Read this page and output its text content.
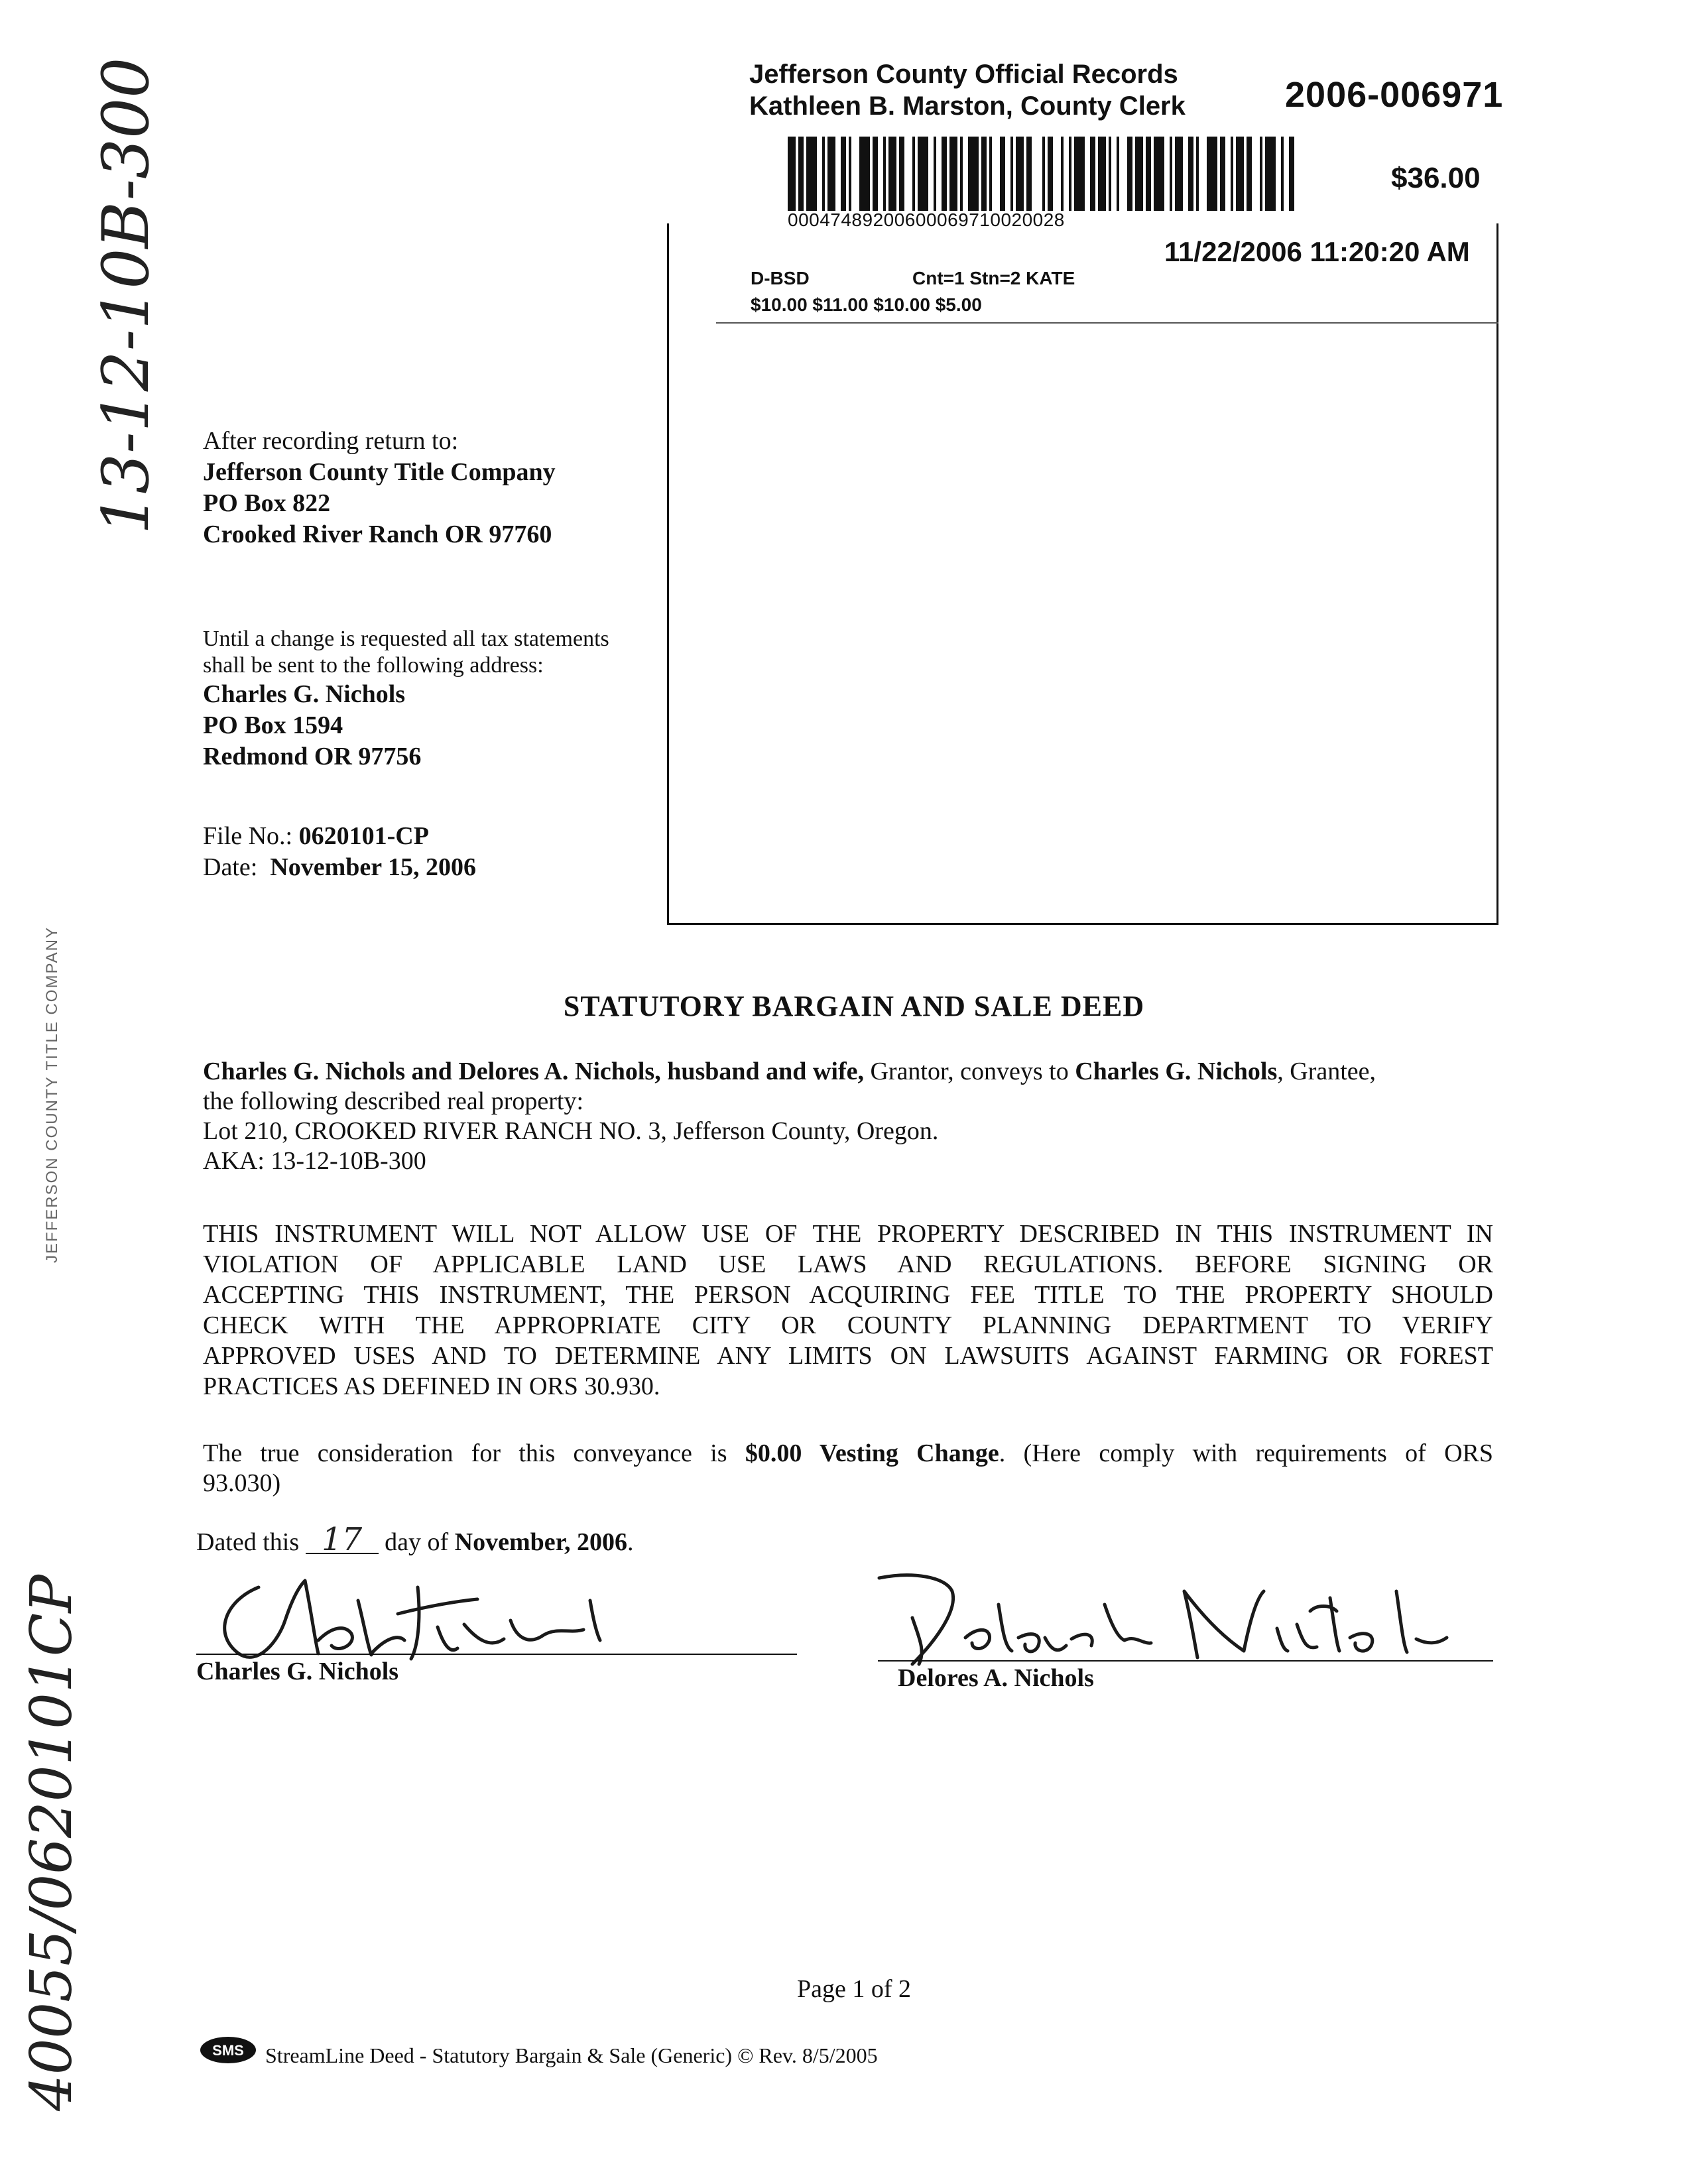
Jefferson County Official Records
Kathleen B. Marston, County Clerk	2006-006971
$36.00
00047489200600069710020028
11/22/2006 11:20:20 AM
D-BSD	Cnt=1 Stn=2 KATE
$10.00 $11.00 $10.00 $5.00
After recording return to:
Jefferson County Title Company
PO Box 822
Crooked River Ranch OR 97760
Until a change is requested all tax statements
shall be sent to the following address:
Charles G. Nichols
PO Box 1594
Redmond OR 97756
File No.: 0620101-CP
Date: November 15, 2006
STATUTORY BARGAIN AND SALE DEED
Charles G. Nichols and Delores A. Nichols, husband and wife, Grantor, conveys to Charles G. Nichols, Grantee,
the following described real property:
Lot 210, CROOKED RIVER RANCH NO. 3, Jefferson County, Oregon.
AKA: 13-12-10B-300
THIS INSTRUMENT WILL NOT ALLOW USE OF THE PROPERTY DESCRIBED IN THIS INSTRUMENT IN
VIOLATION OF APPLICABLE LAND USE LAWS AND REGULATIONS. BEFORE SIGNING OR
ACCEPTING THIS INSTRUMENT, THE PERSON ACQUIRING FEE TITLE TO THE PROPERTY SHOULD
CHECK WITH THE APPROPRIATE CITY OR COUNTY PLANNING DEPARTMENT TO VERIFY
APPROVED USES AND TO DETERMINE ANY LIMITS ON LAWSUITS AGAINST FARMING OR FOREST
PRACTICES AS DEFINED IN ORS 30.930.
The true consideration for this conveyance is $0.00 Vesting Change. (Here comply with requirements of ORS
93.030)
Dated this 17 day of November, 2006.
Charles G. Nichols	Delores A. Nichols
13-12-10B-300
40055/0620101CP
JEFFERSON COUNTY TITLE COMPANY
Page 1 of 2
SMS StreamLine Deed - Statutory Bargain & Sale (Generic) © Rev. 8/5/2005
